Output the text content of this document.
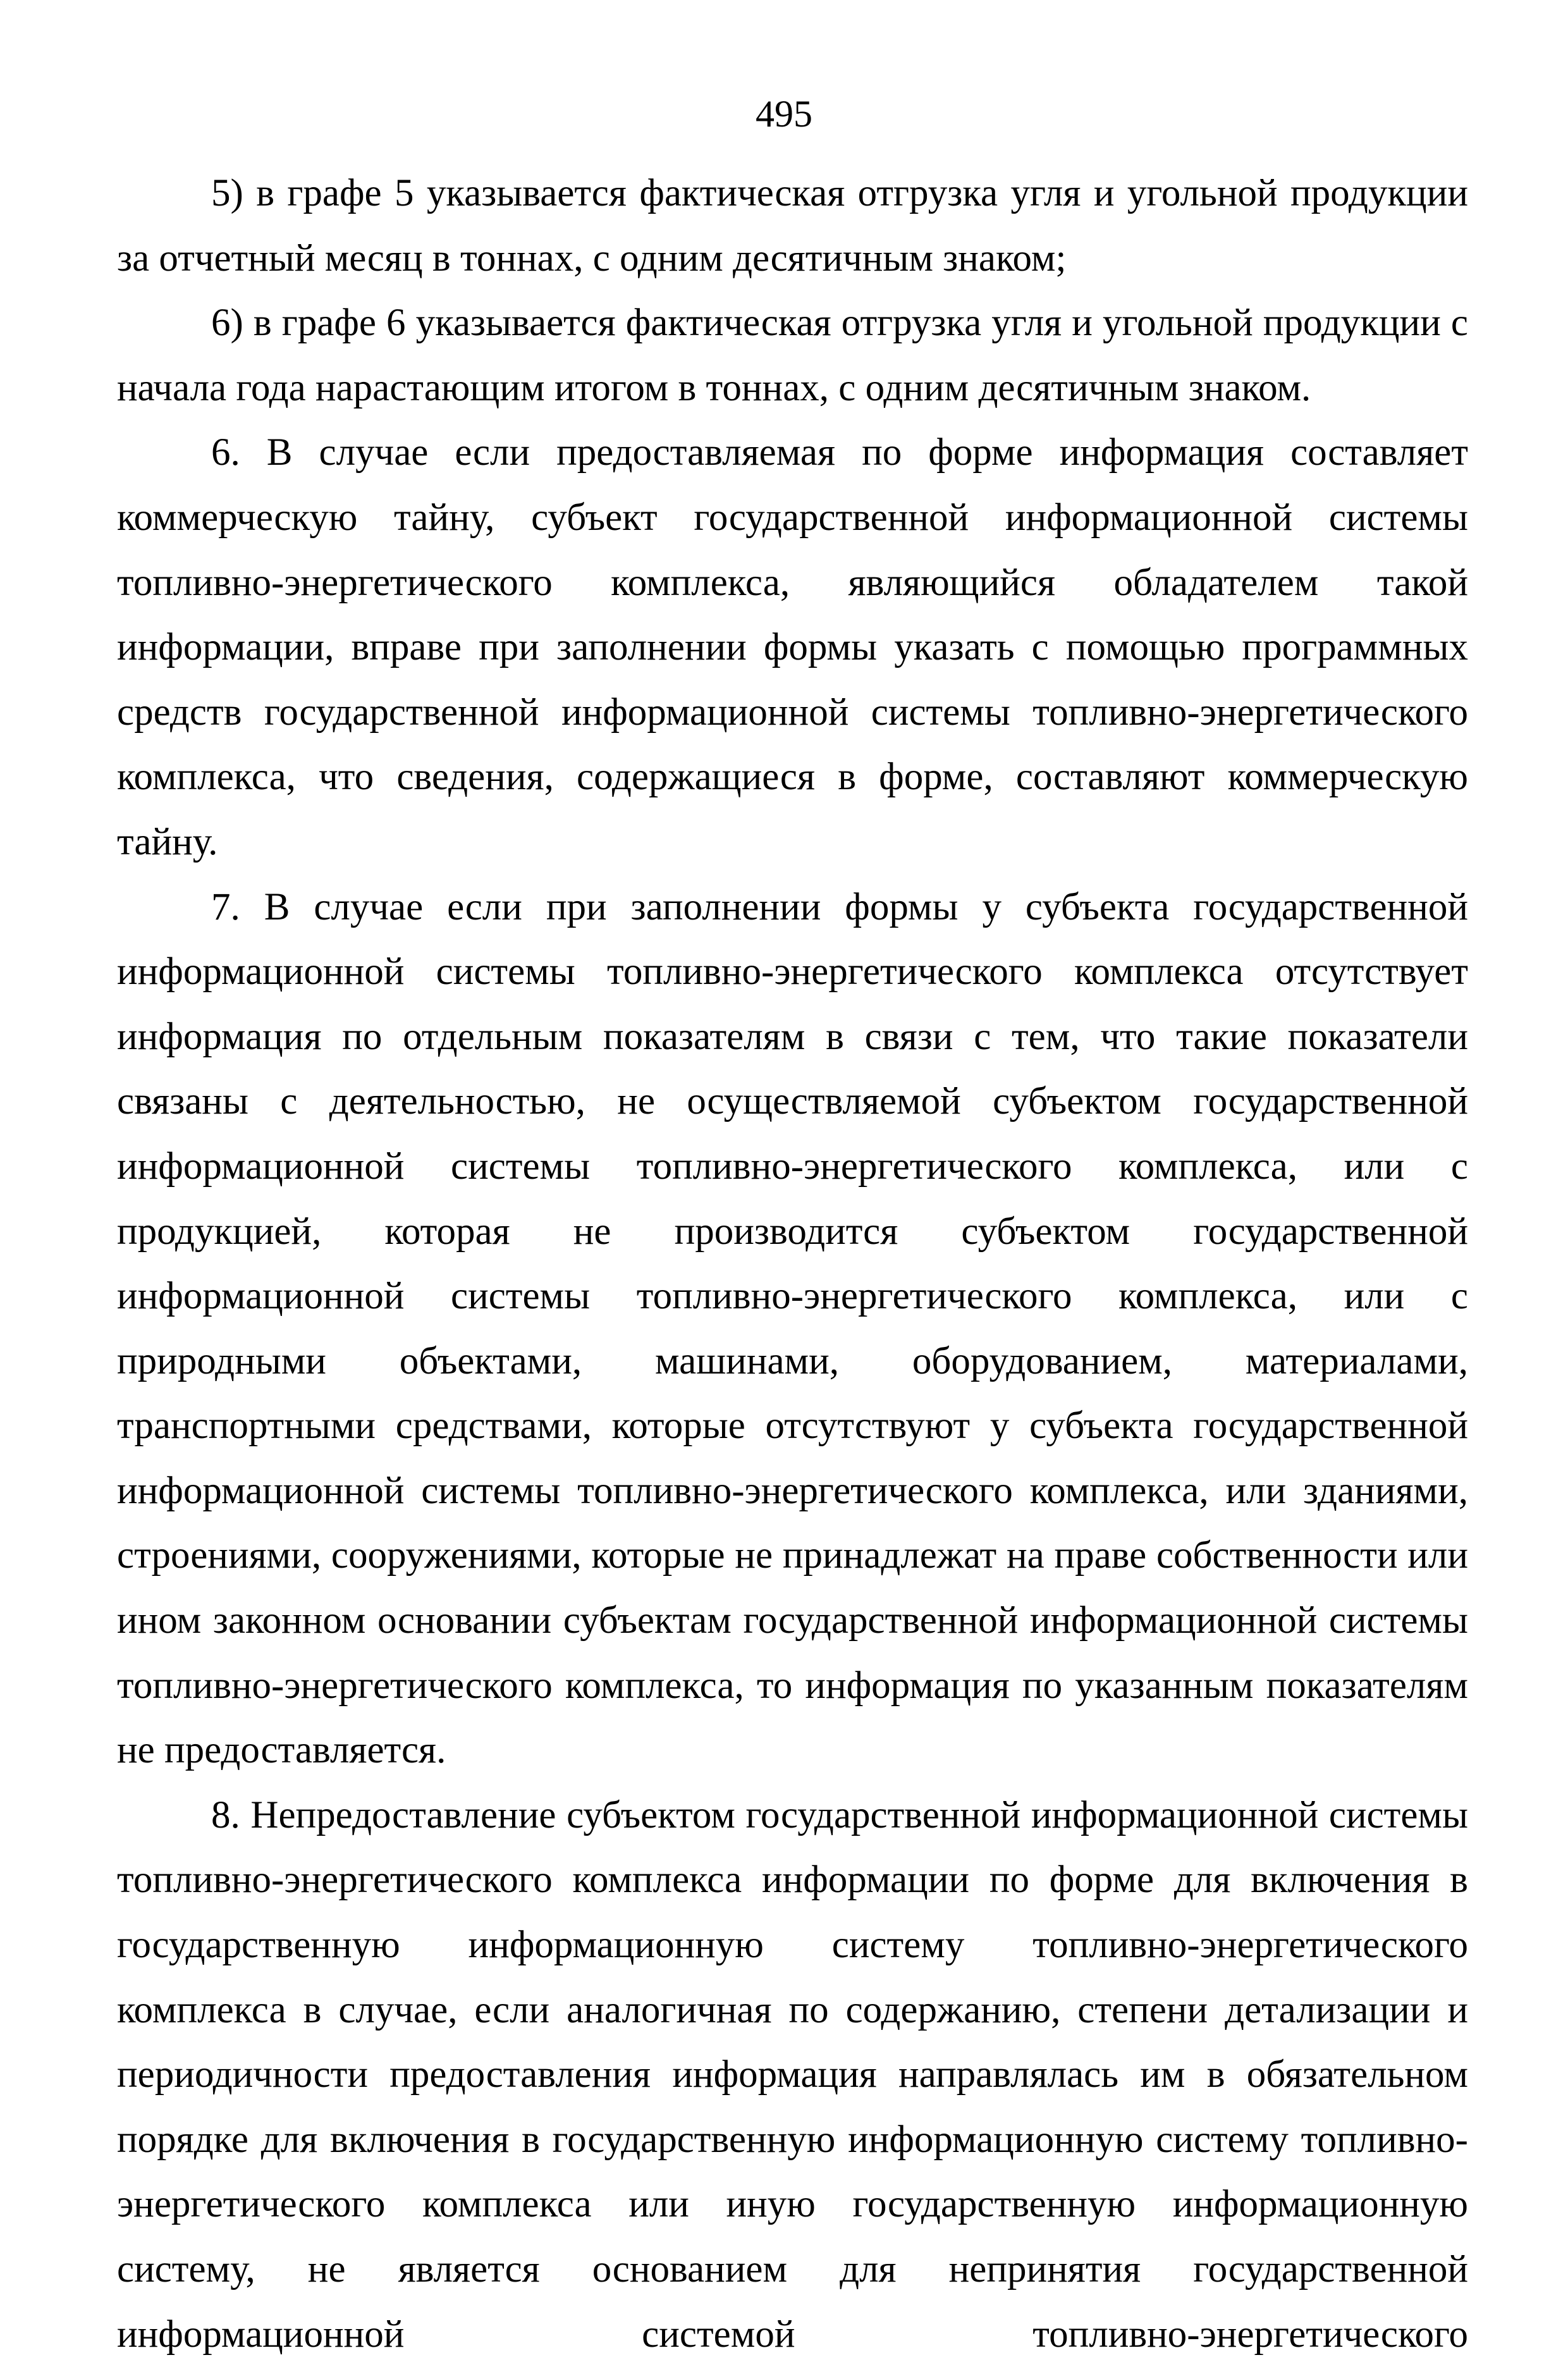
495

5) в графе 5 указывается фактическая отгрузка угля и угольной продукции за отчетный месяц в тоннах, с одним десятичным знаком;

6) в графе 6 указывается фактическая отгрузка угля и угольной продукции с начала года нарастающим итогом в тоннах, с одним десятичным знаком.

6. В случае если предоставляемая по форме информация составляет коммерческую тайну, субъект государственной информационной системы топливно-энергетического комплекса, являющийся обладателем такой информации, вправе при заполнении формы указать с помощью программных средств государственной информационной системы топливно-энергетического комплекса, что сведения, содержащиеся в форме, составляют коммерческую тайну.

7. В случае если при заполнении формы у субъекта государственной информационной системы топливно-энергетического комплекса отсутствует информация по отдельным показателям в связи с тем, что такие показатели связаны с деятельностью, не осуществляемой субъектом государственной информационной системы топливно-энергетического комплекса, или с продукцией, которая не производится субъектом государственной информационной системы топливно-энергетического комплекса, или с природными объектами, машинами, оборудованием, материалами, транспортными средствами, которые отсутствуют у субъекта государственной информационной системы топливно-энергетического комплекса, или зданиями, строениями, сооружениями, которые не принадлежат на праве собственности или ином законном основании субъектам государственной информационной системы топливно-энергетического комплекса, то информация по указанным показателям не предоставляется.

8. Непредоставление субъектом государственной информационной системы топливно-энергетического комплекса информации по форме для включения в государственную информационную систему топливно-энергетического комплекса в случае, если аналогичная по содержанию, степени детализации и периодичности предоставления информация направлялась им в обязательном порядке для включения в государственную информационную систему топливно-энергетического комплекса или иную государственную информационную систему, не является основанием для непринятия государственной информационной системой топливно-энергетического
